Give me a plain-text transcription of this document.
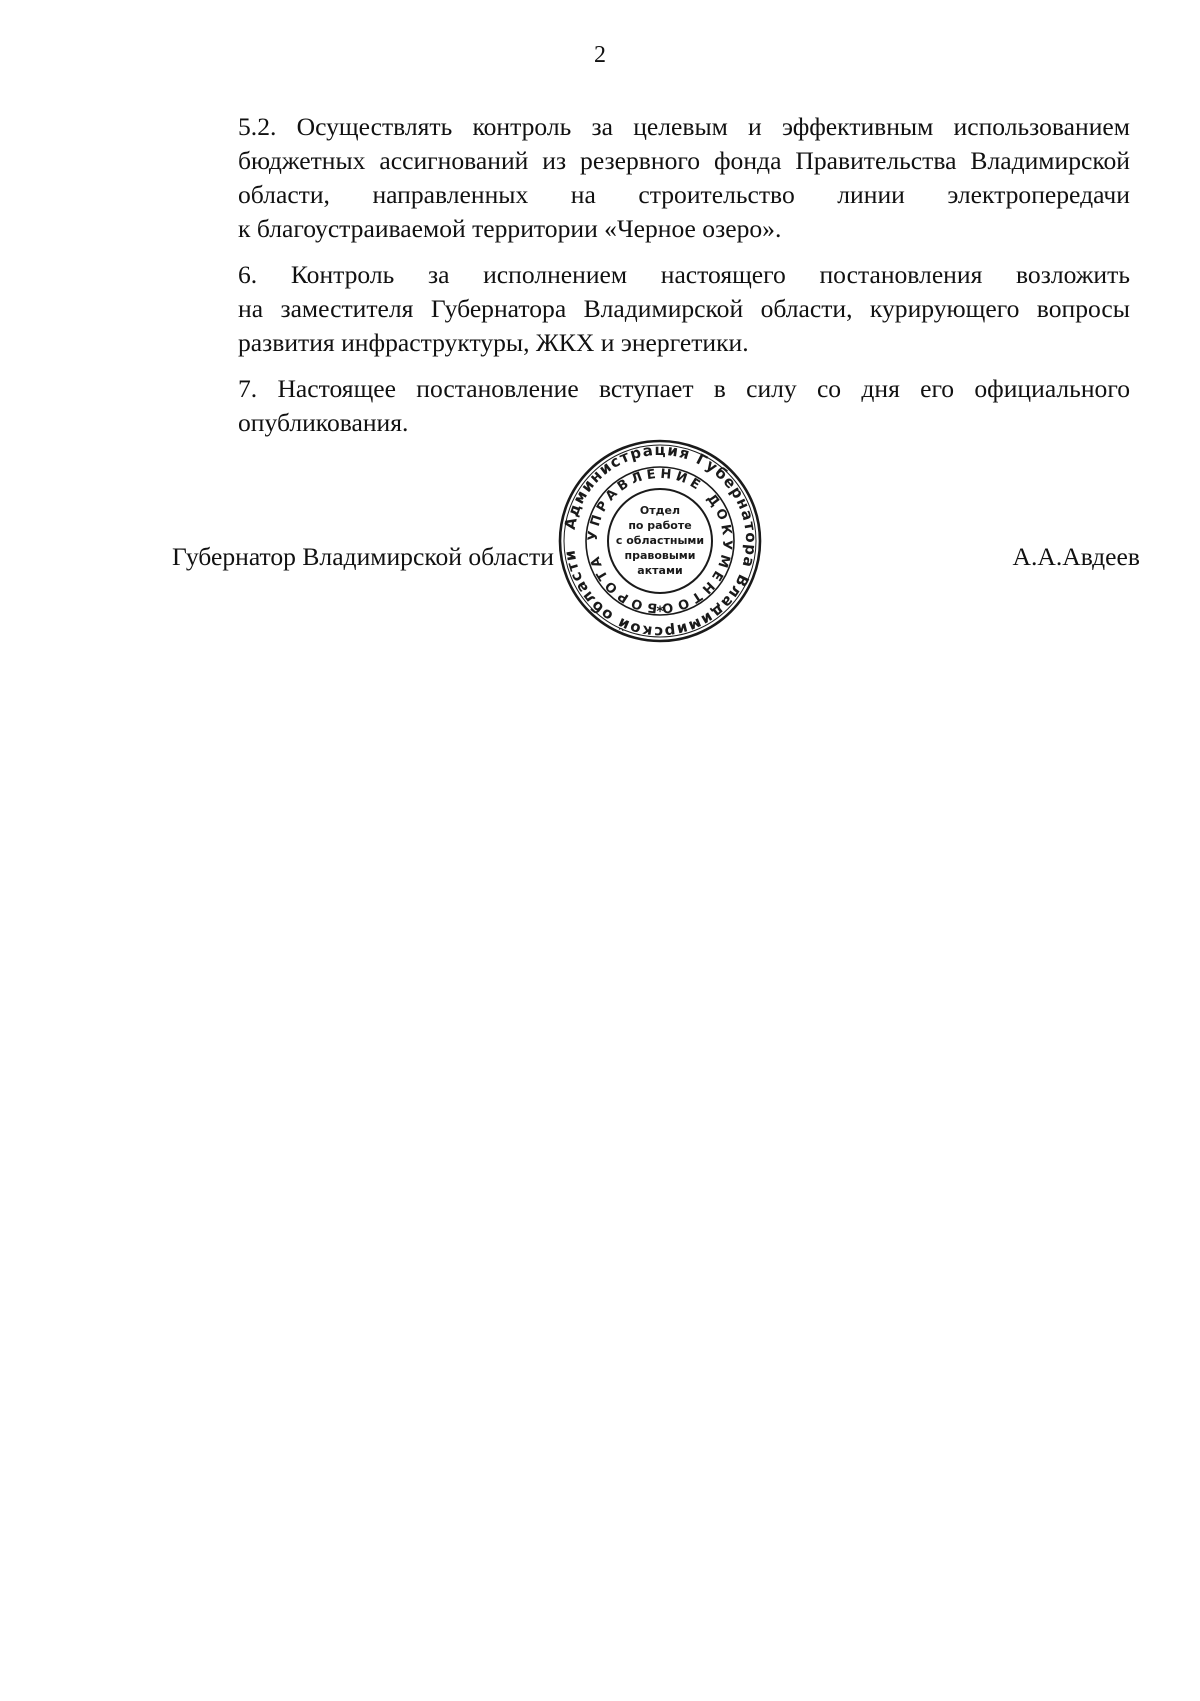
2

5.2. Осуществлять контроль за целевым и эффективным использованием
бюджетных ассигнований из резервного фонда Правительства Владимирской
области, направленных на строительство линии электропередачи
к благоустраиваемой территории «Черное озеро».

6. Контроль за исполнением настоящего постановления возложить
на заместителя Губернатора Владимирской области, курирующего вопросы
развития инфраструктуры, ЖКХ и энергетики.

7. Настоящее постановление вступает в силу со дня его официального
опубликования.

Губернатор Владимирской области	А.А.Авдеев
Администрация Губернатора Владимирской области
УПРАВЛЕНИЕ ДОКУМЕНТООБОРОТА
*
Отдел
по работе
с областными
правовыми
актами
